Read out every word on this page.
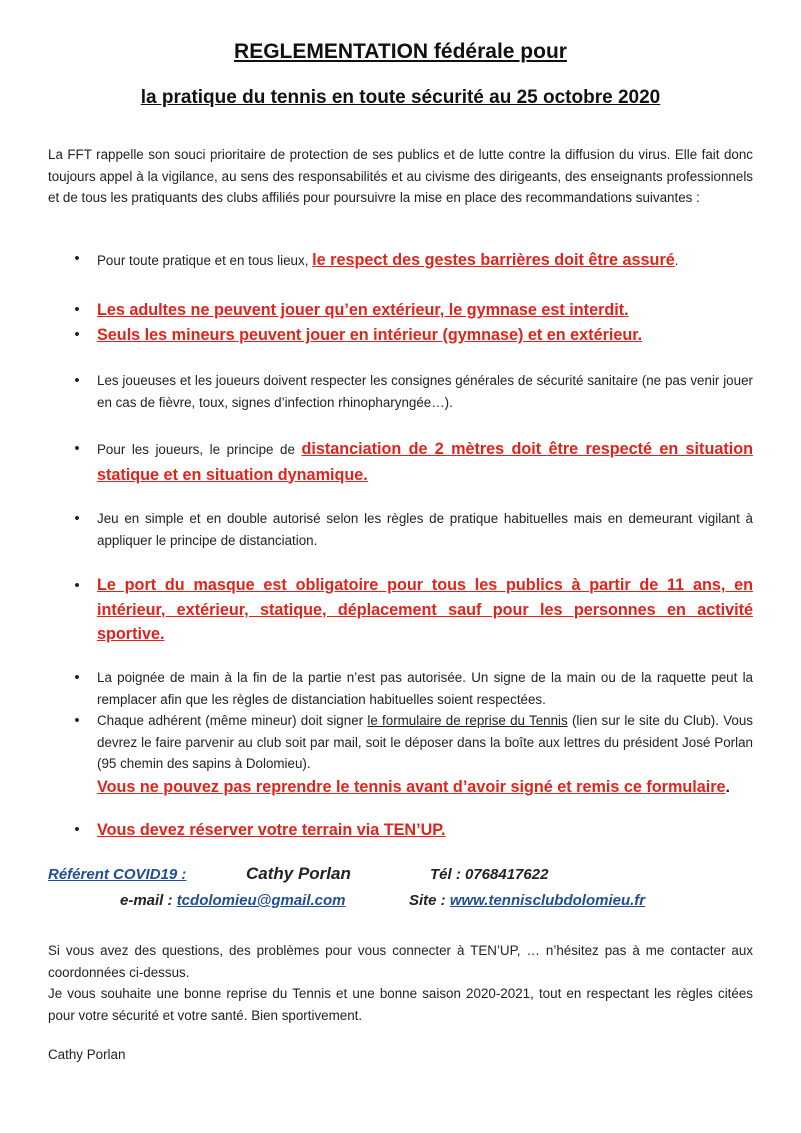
REGLEMENTATION fédérale pour
la pratique du tennis en toute sécurité au 25 octobre 2020
La FFT rappelle son souci prioritaire de protection de ses publics et de lutte contre la diffusion du virus. Elle fait donc toujours appel à la vigilance, au sens des responsabilités et au civisme des dirigeants, des enseignants professionnels et de tous les pratiquants des clubs affiliés pour poursuivre la mise en place des recommandations suivantes :
• Pour toute pratique et en tous lieux, le respect des gestes barrières doit être assuré.
• Les adultes ne peuvent jouer qu’en extérieur, le gymnase est interdit.
• Seuls les mineurs peuvent jouer en intérieur (gymnase) et en extérieur.
• Les joueuses et les joueurs doivent respecter les consignes générales de sécurité sanitaire (ne pas venir jouer en cas de fièvre, toux, signes d’infection rhinopharyngée…).
• Pour les joueurs, le principe de distanciation de 2 mètres doit être respecté en situation statique et en situation dynamique.
• Jeu en simple et en double autorisé selon les règles de pratique habituelles mais en demeurant vigilant à appliquer le principe de distanciation.
• Le port du masque est obligatoire pour tous les publics à partir de 11 ans, en intérieur, extérieur, statique, déplacement sauf pour les personnes en activité sportive.
• La poignée de main à la fin de la partie n’est pas autorisée. Un signe de la main ou de la raquette peut la remplacer afin que les règles de distanciation habituelles soient respectées.
• Chaque adhérent (même mineur) doit signer le formulaire de reprise du Tennis (lien sur le site du Club). Vous devrez le faire parvenir au club soit par mail, soit le déposer dans la boîte aux lettres du président José Porlan (95 chemin des sapins à Dolomieu).
Vous ne pouvez pas reprendre le tennis avant d’avoir signé et remis ce formulaire.
• Vous devez réserver votre terrain via TEN’UP.
Référent COVID19 :	Cathy Porlan	Tél : 0768417622
e-mail : tcdolomieu@gmail.com	Site : www.tennisclubdolomieu.fr
Si vous avez des questions, des problèmes pour vous connecter à TEN’UP, … n’hésitez pas à me contacter aux coordonnées ci-dessus.
Je vous souhaite une bonne reprise du Tennis et une bonne saison 2020-2021, tout en respectant les règles citées pour votre sécurité et votre santé. Bien sportivement.
Cathy Porlan
